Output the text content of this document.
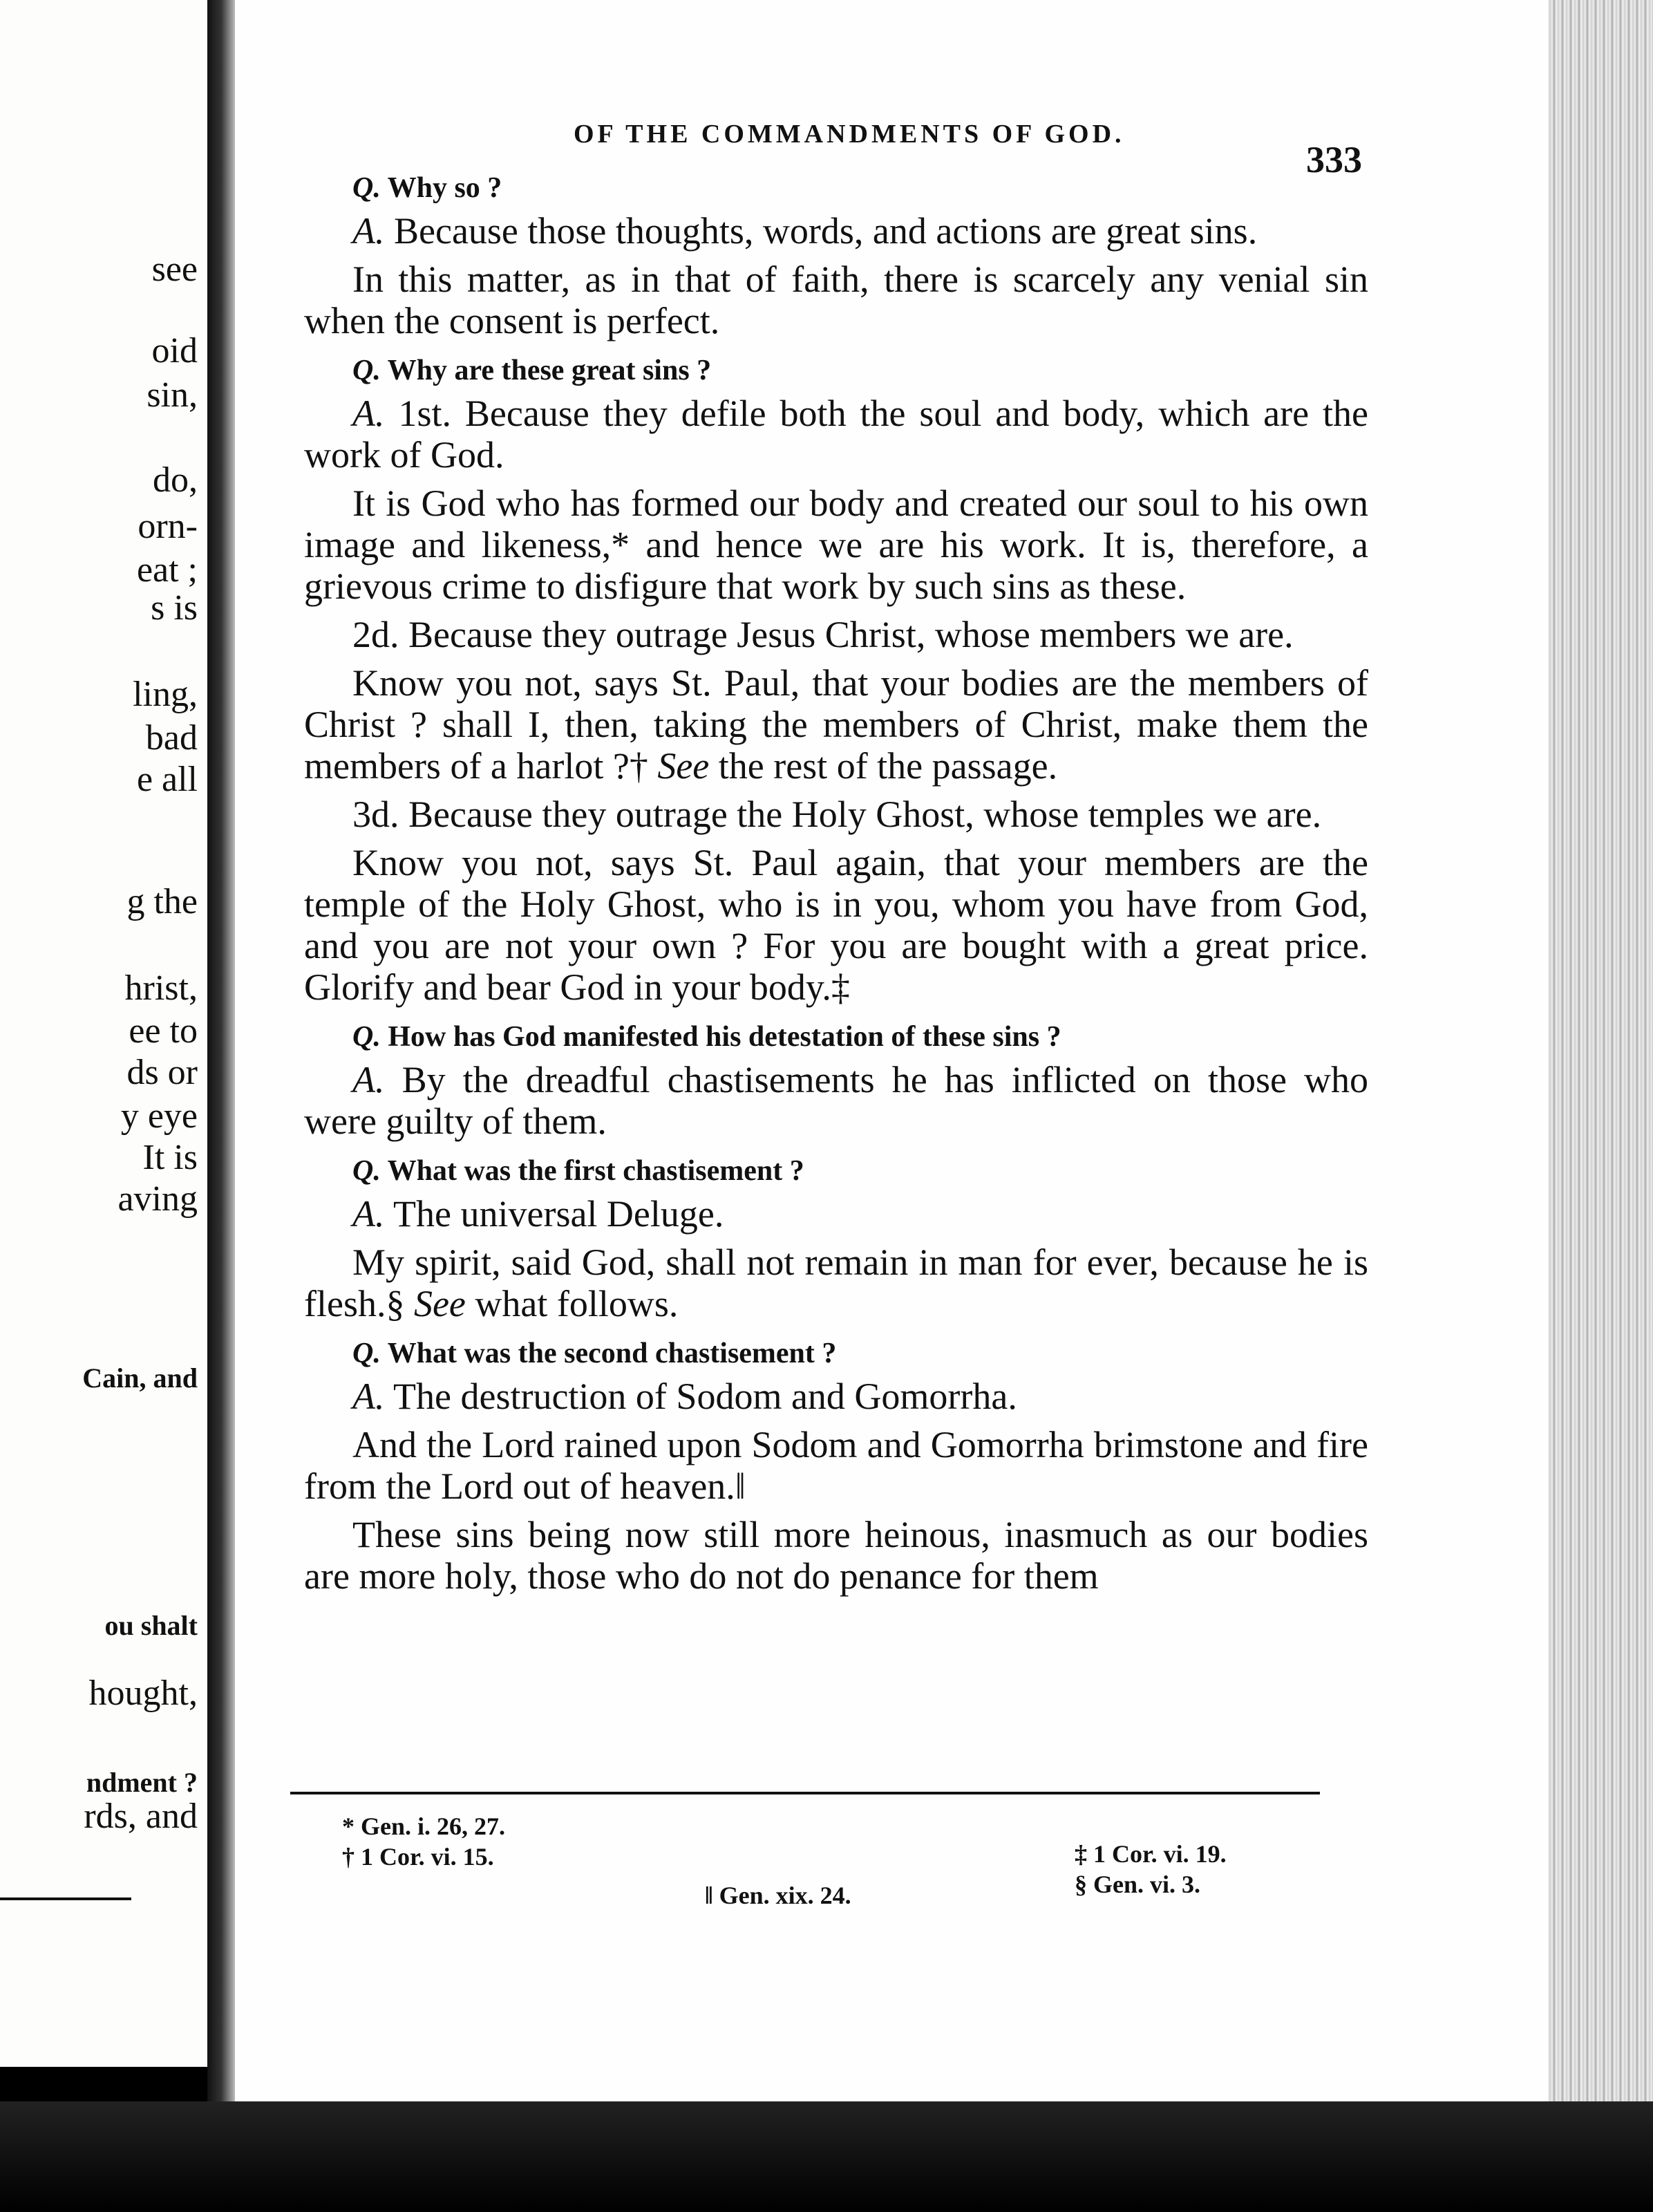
see
oid
sin,
do,
orn-
eat ;
s is
ling,
bad
e all
g the
hrist,
ee to
ds or
y eye
It is
aving
Cain, and
ou shalt
hought,
ndment ?
rds, and
OF THE COMMANDMENTS OF GOD.
333

Q. Why so ?

A. Because those thoughts, words, and actions are great sins.

In this matter, as in that of faith, there is scarcely any venial sin when the consent is perfect.

Q. Why are these great sins ?

A. 1st. Because they defile both the soul and body, which are the work of God.

It is God who has formed our body and created our soul to his own image and likeness,* and hence we are his work. It is, therefore, a grievous crime to disfigure that work by such sins as these.

2d. Because they outrage Jesus Christ, whose members we are.

Know you not, says St. Paul, that your bodies are the members of Christ ? shall I, then, taking the members of Christ, make them the members of a harlot ?† See the rest of the passage.

3d. Because they outrage the Holy Ghost, whose temples we are.

Know you not, says St. Paul again, that your members are the temple of the Holy Ghost, who is in you, whom you have from God, and you are not your own ? For you are bought with a great price. Glorify and bear God in your body.‡

Q. How has God manifested his detestation of these sins ?

A. By the dreadful chastisements he has inflicted on those who were guilty of them.

Q. What was the first chastisement ?

A. The universal Deluge.

My spirit, said God, shall not remain in man for ever, because he is flesh.§ See what follows.

Q. What was the second chastisement ?

A. The destruction of Sodom and Gomorrha.

And the Lord rained upon Sodom and Gomorrha brimstone and fire from the Lord out of heaven.‖

These sins being now still more heinous, inasmuch as our bodies are more holy, those who do not do penance for them

* Gen. i. 26, 27.
† 1 Cor. vi. 15.	‡ 1 Cor. vi. 19.
§ Gen. vi. 3.
‖ Gen. xix. 24.
